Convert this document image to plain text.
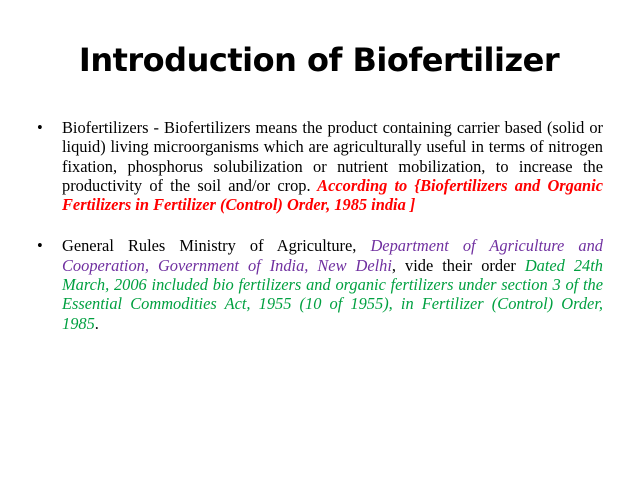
Introduction of Biofertilizer
•	Biofertilizers - Biofertilizers means the product containing carrier based (solid or liquid) living microorganisms which are agriculturally useful in terms of nitrogen fixation, phosphorus solubilization or nutrient mobilization, to increase the productivity of the soil and/or crop. According to {Biofertilizers and Organic Fertilizers in Fertilizer (Control) Order, 1985 india ]
•	General Rules Ministry of Agriculture, Department of Agriculture and Cooperation, Government of India, New Delhi, vide their order Dated 24th March, 2006 included bio fertilizers and organic fertilizers under section 3 of the Essential Commodities Act, 1955 (10 of 1955), in Fertilizer (Control) Order, 1985.
